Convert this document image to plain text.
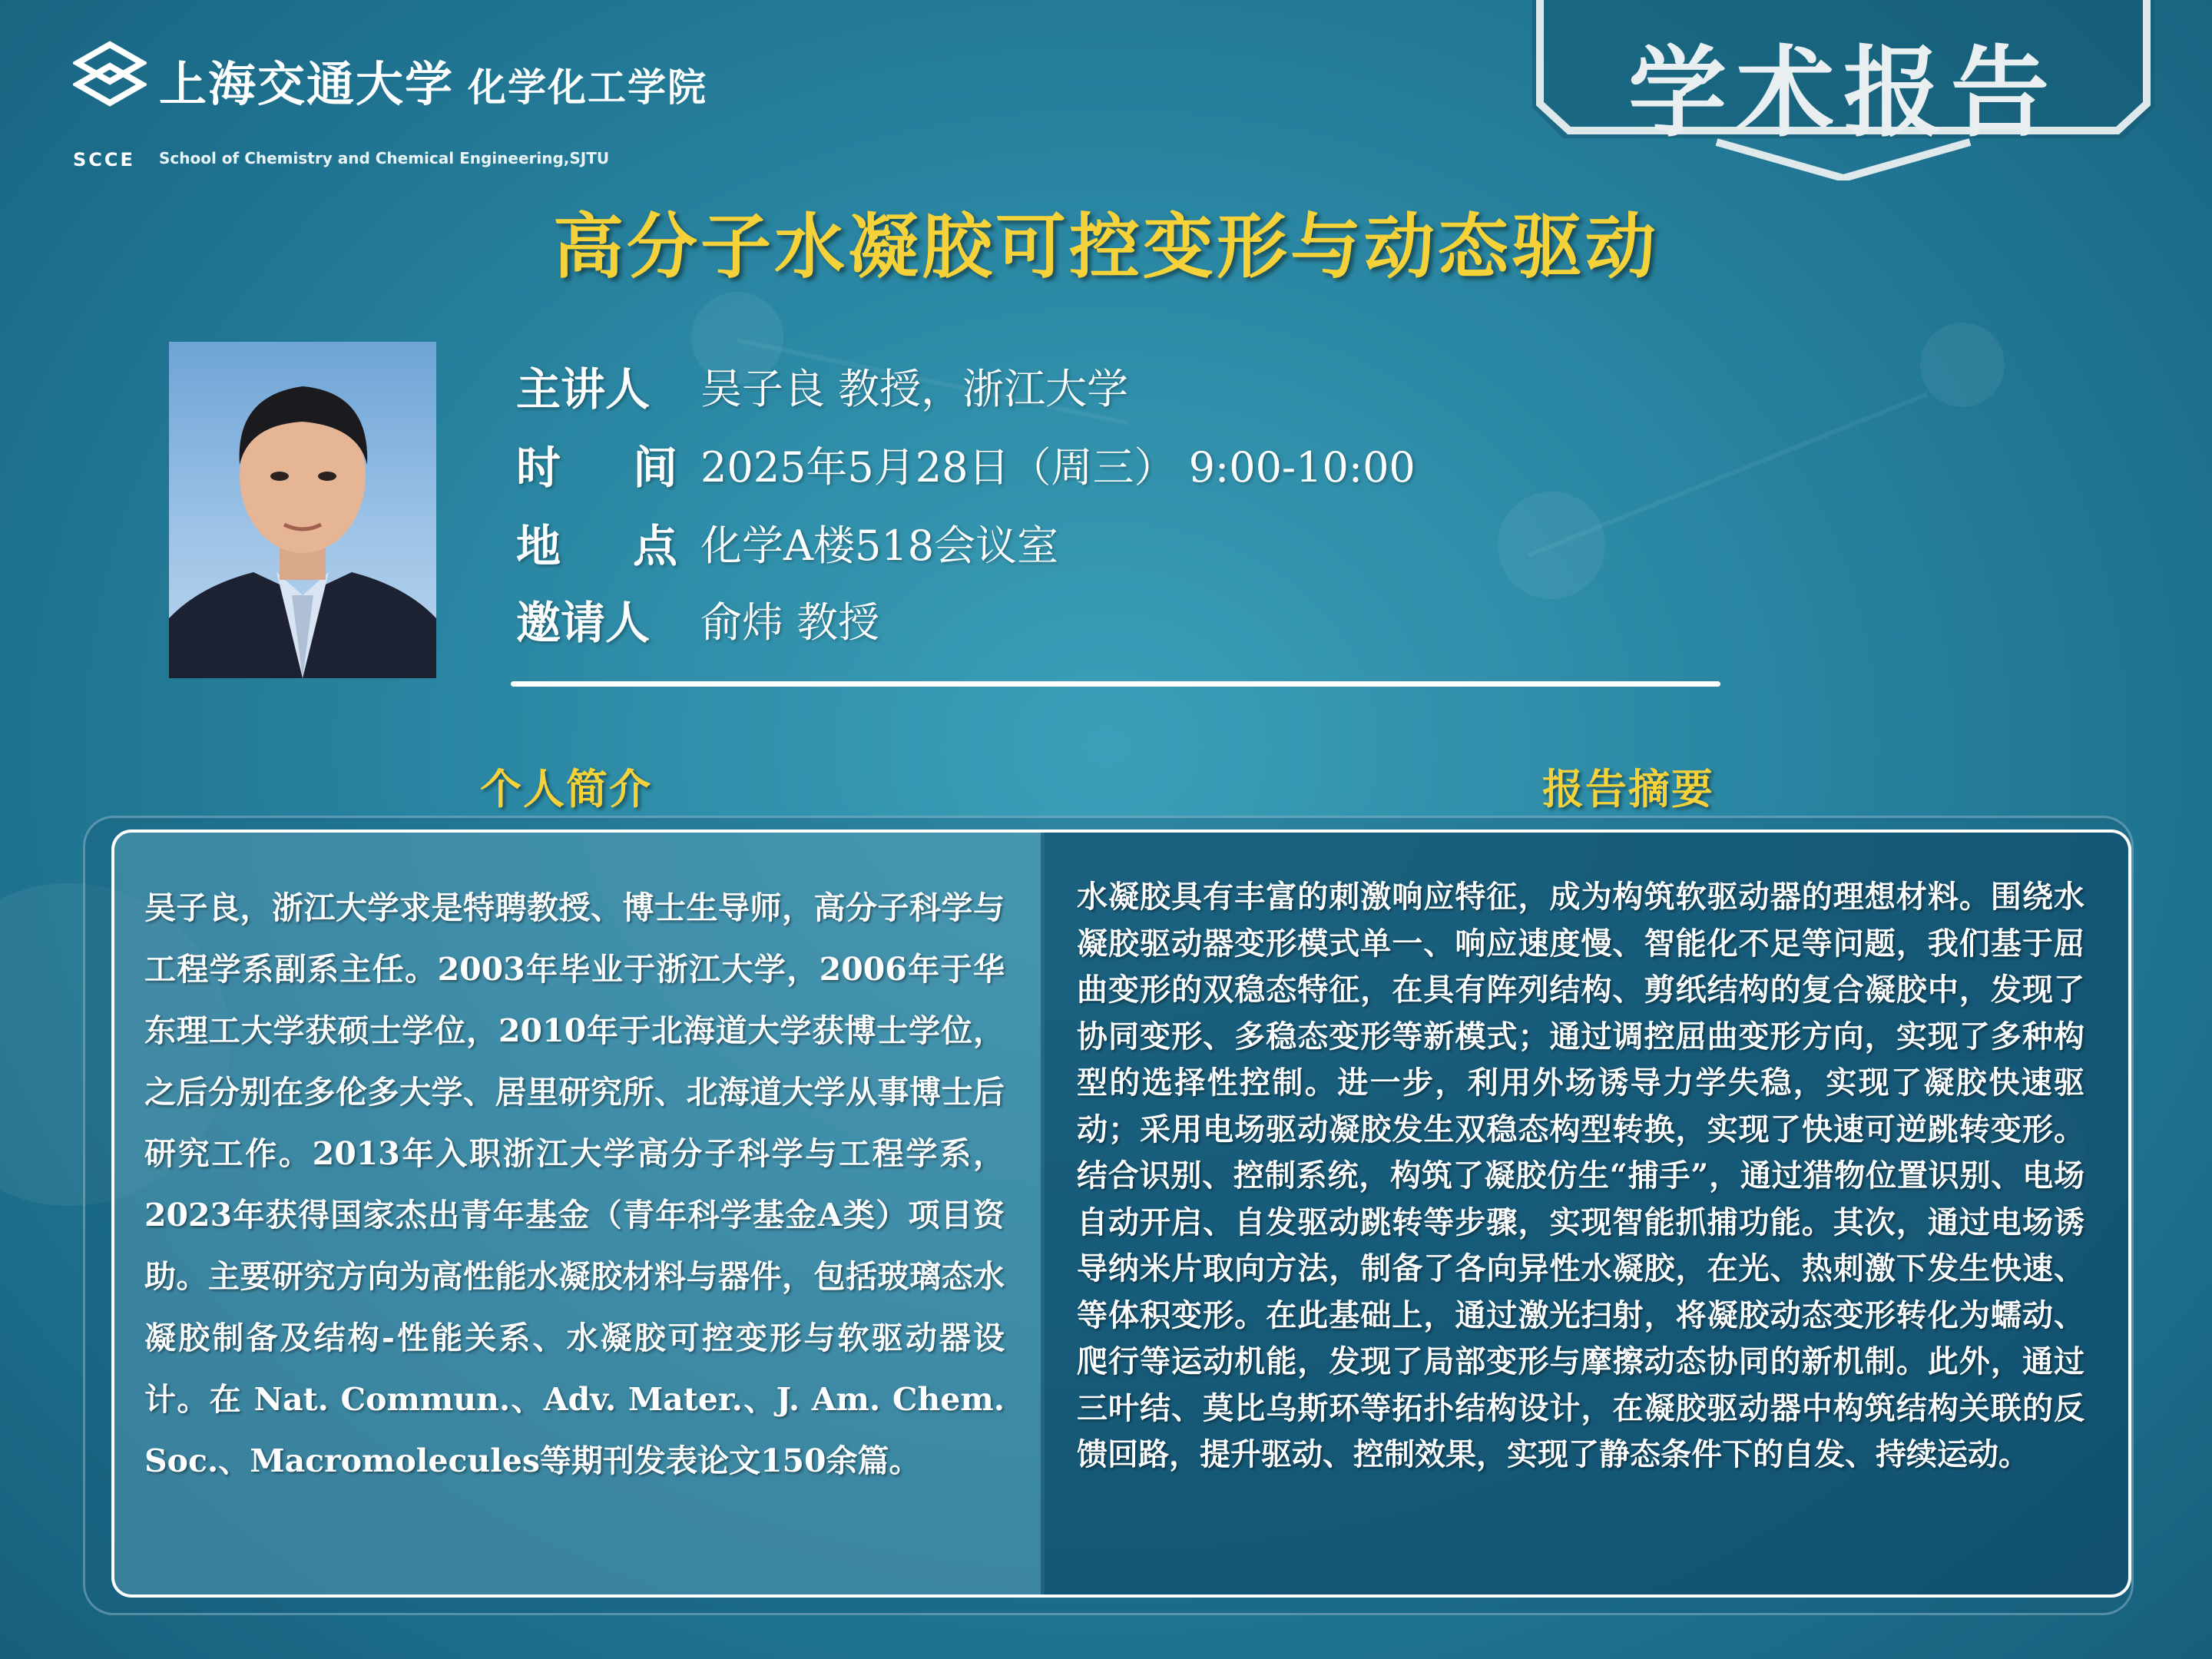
上海交通大学 化学化工学院
SCCE School of Chemistry and Chemical Engineering,SJTU
学术报告
高分子水凝胶可控变形与动态驱动
主讲人 吴子良 教授，浙江大学
时 间 2025年5月28日（周三） 9:00-10:00
地 点 化学A楼518会议室
邀请人 俞炜 教授
个人简介	报告摘要
吴子良，浙江大学求是特聘教授、博士生导师，高分子科学与工程学系副系主任。2003年毕业于浙江大学，2006年于华东理工大学获硕士学位，2010年于北海道大学获博士学位，之后分别在多伦多大学、居里研究所、北海道大学从事博士后研究工作。2013年入职浙江大学高分子科学与工程学系，2023年获得国家杰出青年基金（青年科学基金A类）项目资助。主要研究方向为高性能水凝胶材料与器件，包括玻璃态水凝胶制备及结构-性能关系、水凝胶可控变形与软驱动器设计。在 Nat. Commun.、Adv. Mater.、J. Am. Chem. Soc.、Macromolecules等期刊发表论文150余篇。
水凝胶具有丰富的刺激响应特征，成为构筑软驱动器的理想材料。围绕水凝胶驱动器变形模式单一、响应速度慢、智能化不足等问题，我们基于屈曲变形的双稳态特征，在具有阵列结构、剪纸结构的复合凝胶中，发现了协同变形、多稳态变形等新模式；通过调控屈曲变形方向，实现了多种构型的选择性控制。进一步，利用外场诱导力学失稳，实现了凝胶快速驱动；采用电场驱动凝胶发生双稳态构型转换，实现了快速可逆跳转变形。结合识别、控制系统，构筑了凝胶仿生“捕手”，通过猎物位置识别、电场自动开启、自发驱动跳转等步骤，实现智能抓捕功能。其次，通过电场诱导纳米片取向方法，制备了各向异性水凝胶，在光、热刺激下发生快速、等体积变形。在此基础上，通过激光扫射，将凝胶动态变形转化为蠕动、爬行等运动机能，发现了局部变形与摩擦动态协同的新机制。此外，通过三叶结、莫比乌斯环等拓扑结构设计，在凝胶驱动器中构筑结构关联的反馈回路，提升驱动、控制效果，实现了静态条件下的自发、持续运动。
